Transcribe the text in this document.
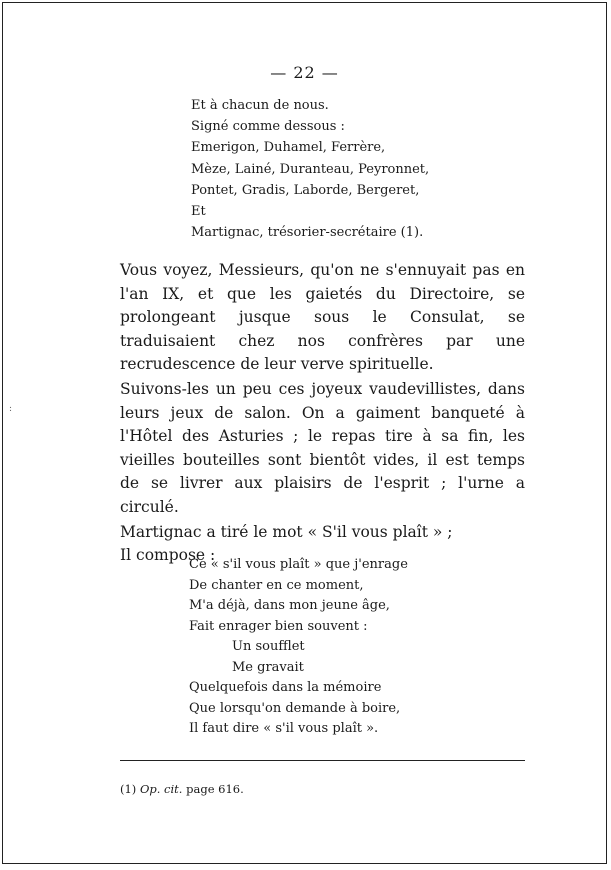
— 22 —
Et à chacun de nous.
Signé comme dessous :
Emerigon, Duhamel, Ferrère,
Mèze, Lainé, Duranteau, Peyronnet,
Pontet, Gradis, Laborde, Bergeret,
Et
Martignac, trésorier-secrétaire (1).

Vous voyez, Messieurs, qu'on ne s'ennuyait pas en l'an IX, et que les gaietés du Directoire, se prolongeant jusque sous le Consulat, se traduisaient chez nos confrères par une recrudescence de leur verve spirituelle.

Suivons-les un peu ces joyeux vaudevillistes, dans leurs jeux de salon. On a gaiment banqueté à l'Hôtel des Asturies ; le repas tire à sa fin, les vieilles bouteilles sont bientôt vides, il est temps de se livrer aux plaisirs de l'esprit ; l'urne a circulé.

Martignac a tiré le mot « S'il vous plaît » ;

Il compose :

Ce « s'il vous plaît » que j'enrage
De chanter en ce moment,
M'a déjà, dans mon jeune âge,
Fait enrager bien souvent :
Un soufflet
Me gravait
Quelquefois dans la mémoire
Que lorsqu'on demande à boire,
Il faut dire « s'il vous plaît ».
(1) Op. cit. page 616.
:
